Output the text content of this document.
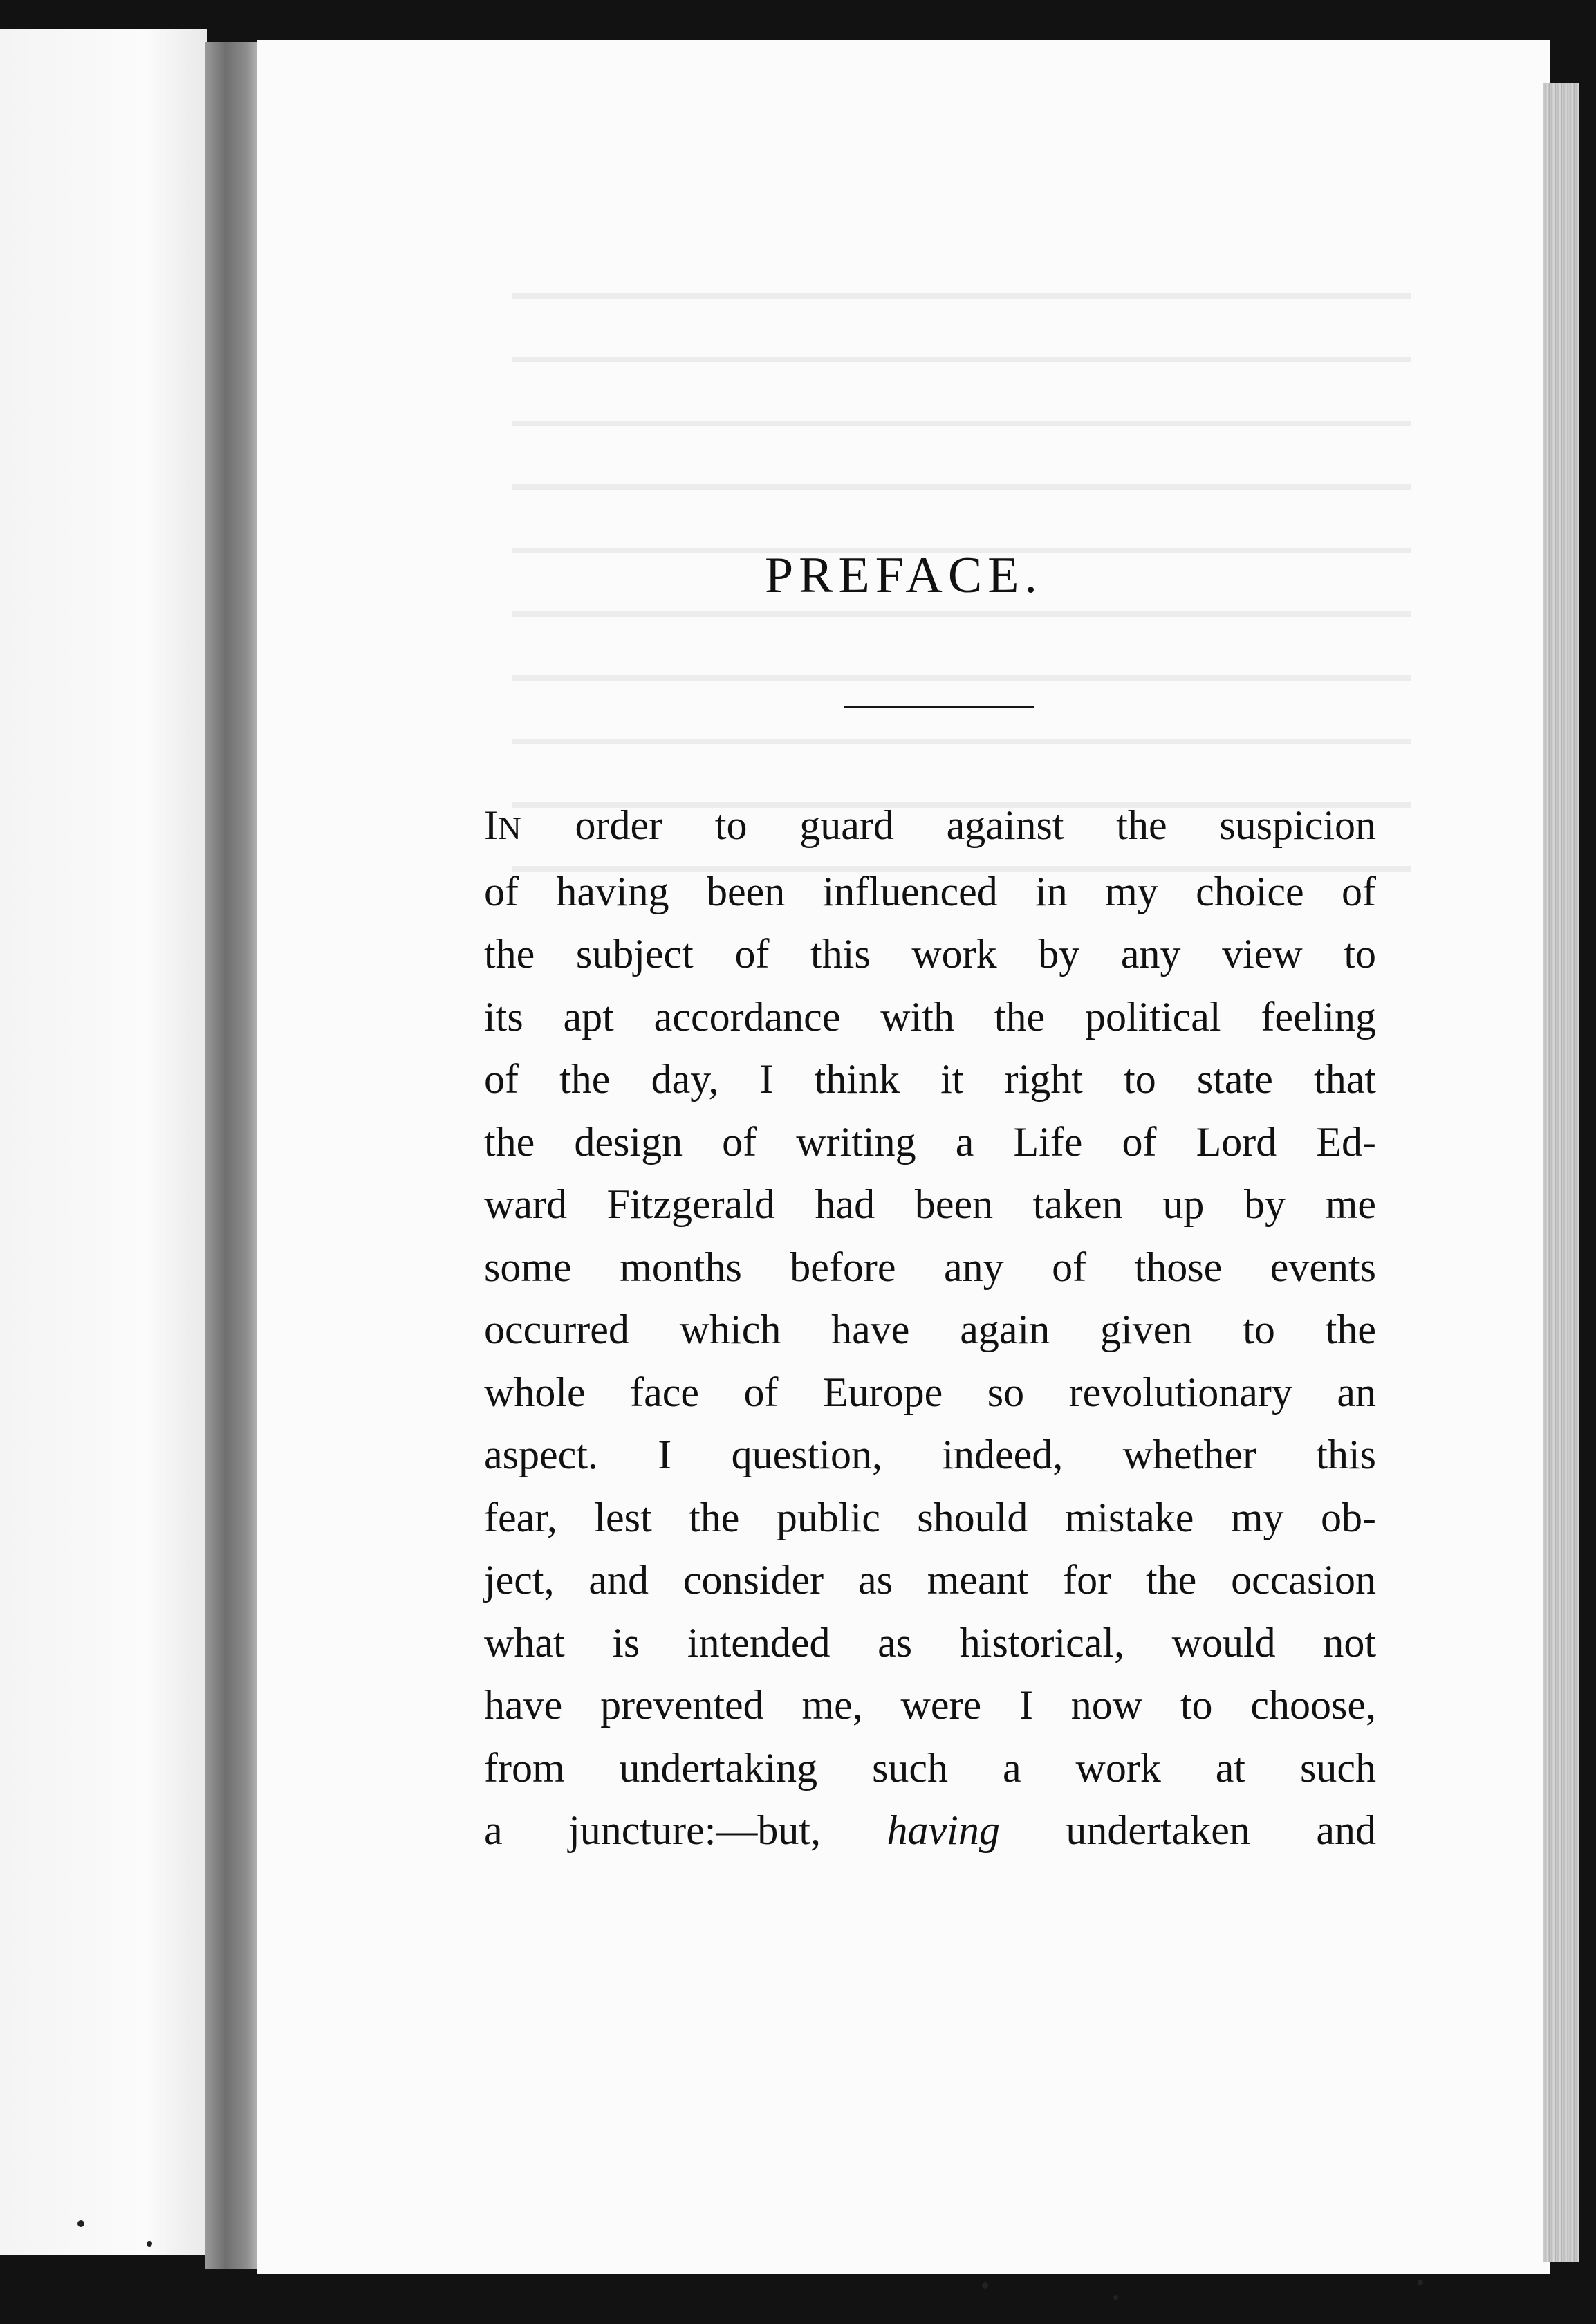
PREFACE.
IN order to guard against the suspicion
of having been influenced in my choice of
the subject of this work by any view to
its apt accordance with the political feeling
of the day, I think it right to state that
the design of writing a Life of Lord Ed-
ward Fitzgerald had been taken up by me
some months before any of those events
occurred which have again given to the
whole face of Europe so revolutionary an
aspect. I question, indeed, whether this
fear, lest the public should mistake my ob-
ject, and consider as meant for the occasion
what is intended as historical, would not
have prevented me, were I now to choose,
from undertaking such a work at such
a juncture:—but, having undertaken and
